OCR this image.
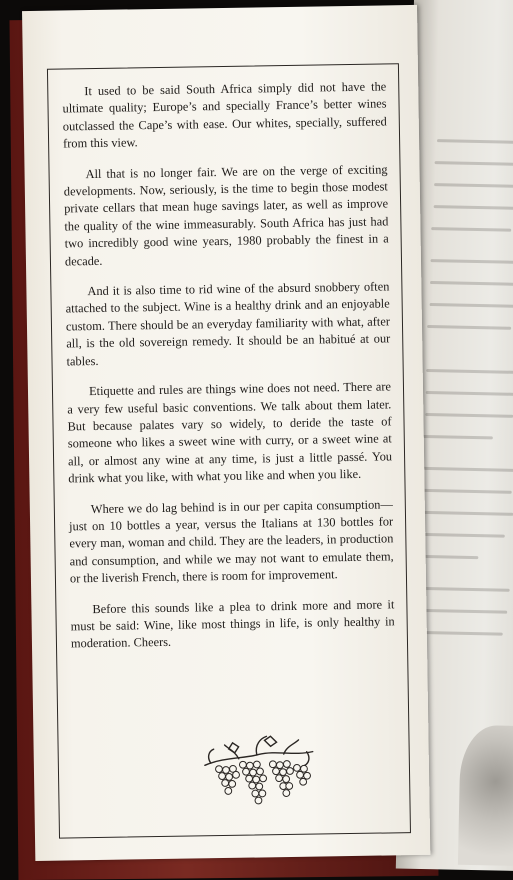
It used to be said South Africa simply did not have the ultimate quality; Europe’s and specially France’s better wines outclassed the Cape’s with ease. Our whites, specially, suffered from this view.

All that is no longer fair. We are on the verge of exciting developments. Now, seriously, is the time to begin those modest private cellars that mean huge savings later, as well as improve the quality of the wine immeasurably. South Africa has just had two incredibly good wine years, 1980 probably the finest in a decade.

And it is also time to rid wine of the absurd snobbery often attached to the subject. Wine is a healthy drink and an enjoyable custom. There should be an everyday familiarity with what, after all, is the old sovereign remedy. It should be an habitué at our tables.

Etiquette and rules are things wine does not need. There are a very few useful basic conventions. We talk about them later. But because palates vary so widely, to deride the taste of someone who likes a sweet wine with curry, or a sweet wine at all, or almost any wine at any time, is just a little passé. You drink what you like, with what you like and when you like.

Where we do lag behind is in our per capita consumption—just on 10 bottles a year, versus the Italians at 130 bottles for every man, woman and child. They are the leaders, in production and consumption, and while we may not want to emulate them, or the liverish French, there is room for improvement.

Before this sounds like a plea to drink more and more it must be said: Wine, like most things in life, is only healthy in moderation. Cheers.
